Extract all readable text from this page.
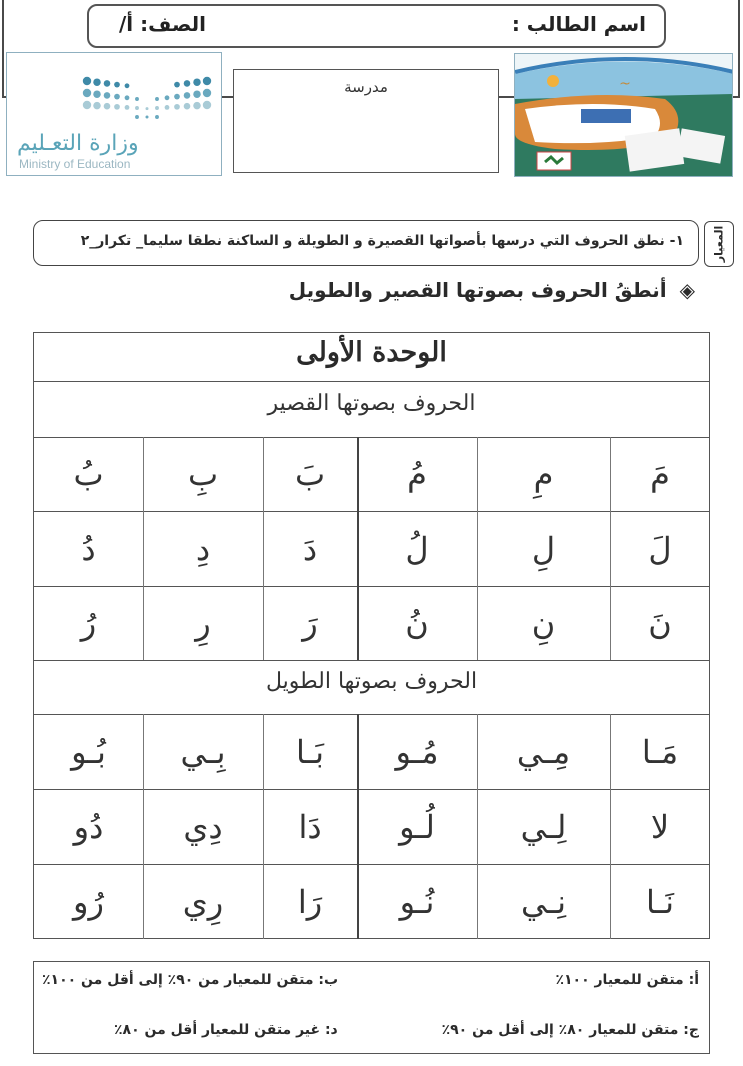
اسم الطالب :
الصف: أ/
وزارة التعـليم
Ministry of Education
مدرسة	~
المعيار
١- نطق الحروف التي درسها بأصواتها القصيرة و الطويلة و الساكنة نطقا سليما_ تكرار_٢
◈ أنطقُ الحروف بصوتها القصير والطويل
الوحدة الأولى
الحروف بصوتها القصير
الحروف بصوتها الطويل
مَ
مِ
مُ
بَ
بِ
بُ
لَ
لِ
لُ
دَ
دِ
دُ
نَ
نِ
نُ
رَ
رِ
رُ
مَـا
مِـي
مُـو
بَـا
بِـي
بُـو
لا
لِـي
لُـو
دَا
دِي
دُو
نَـا
نِـي
نُـو
رَا
رِي
رُو
أ: متقن للمعيار ١٠٠٪
ب: متقن للمعيار من ٩٠٪ إلى أقل من ١٠٠٪
ج: متقن للمعيار ٨٠٪ إلى أقل من ٩٠٪
د: غير متقن للمعيار أقل من ٨٠٪
